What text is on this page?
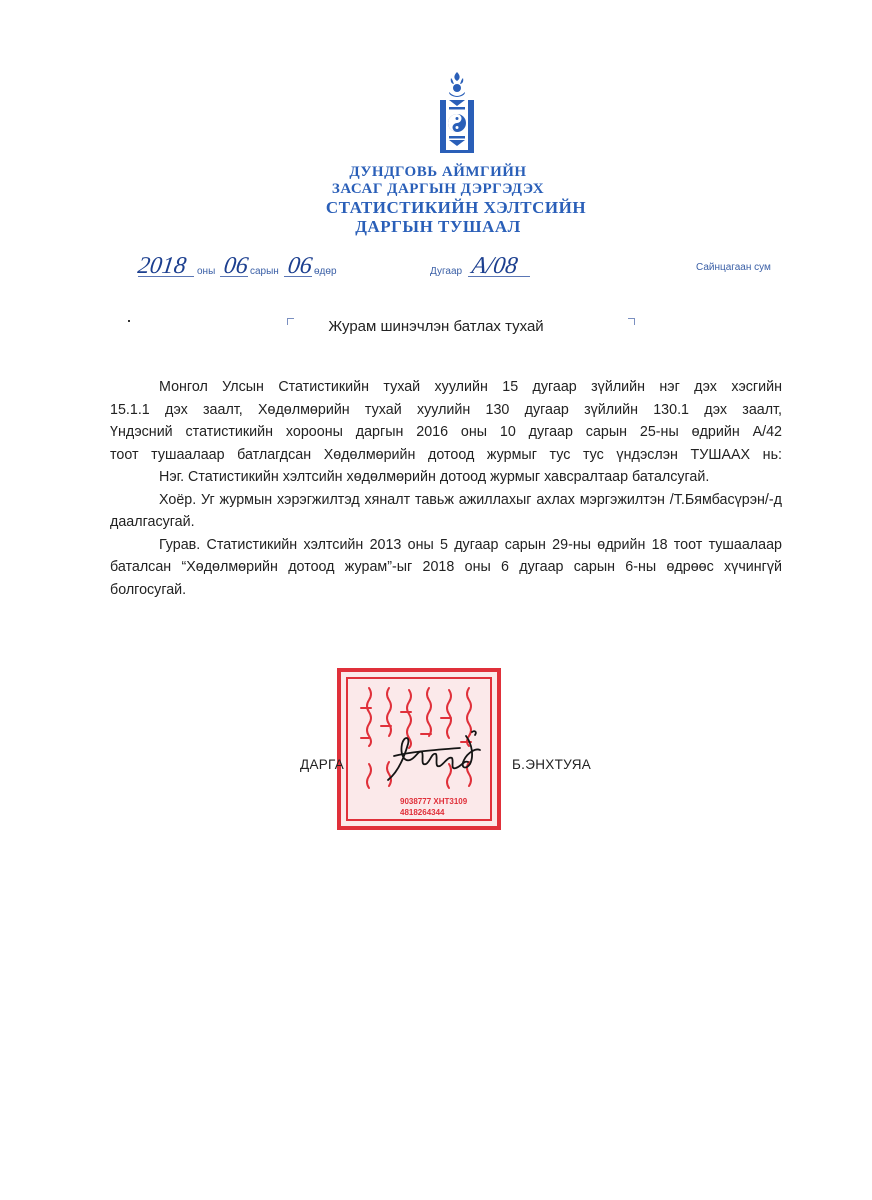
ДУНДГОВЬ АЙМГИЙН
ЗАСАГ ДАРГЫН ДЭРГЭДЭХ
СТАТИСТИКИЙН ХЭЛТСИЙН
ДАРГЫН ТУШААЛ
2018 оны 06 сарын 06 өдөр	Дугаар А/08	Сайнцагаан сум
Журам шинэчлэн батлах тухай
Монгол Улсын Статистикийн тухай хуулийн 15 дугаар зүйлийн нэг дэх хэсгийн
15.1.1 дэх заалт, Хөдөлмөрийн тухай хуулийн 130 дугаар зүйлийн 130.1 дэх заалт,
Үндэсний статистикийн хорооны даргын 2016 оны 10 дугаар сарын 25-ны өдрийн А/42
тоот тушаалаар батлагдсан Хөдөлмөрийн дотоод журмыг тус тус үндэслэн ТУШААХ нь:

Нэг. Статистикийн хэлтсийн хөдөлмөрийн дотоод журмыг хавсралтаар баталсугай.

Хоёр. Уг журмын хэрэгжилтэд хяналт тавьж ажиллахыг ахлах мэргэжилтэн /Т.Бямбасүрэн/-д даалгасугай.

Гурав. Статистикийн хэлтсийн 2013 оны 5 дугаар сарын 29-ны өдрийн 18 тоот тушаалаар баталсан “Хөдөлмөрийн дотоод журам”-ыг 2018 оны 6 дугаар сарын 6-ны өдрөөс хүчингүй болгосугай.

9038777 ХНТ3109
4818264344
ДАРГА	Б.ЭНХТУЯА
